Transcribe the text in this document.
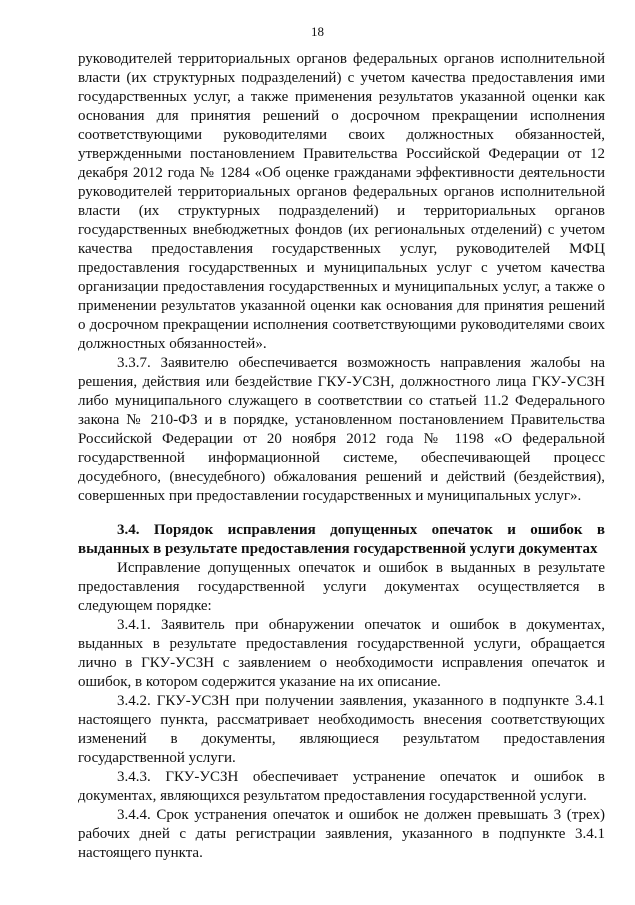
18

руководителей территориальных органов федеральных органов исполнительной власти (их структурных подразделений) с учетом качества предоставления ими государственных услуг, а также применения результатов указанной оценки как основания для принятия решений о досрочном прекращении исполнения соответствующими руководителями своих должностных обязанностей, утвержденными постановлением Правительства Российской Федерации от 12 декабря 2012 года № 1284 «Об оценке гражданами эффективности деятельности руководителей территориальных органов федеральных органов исполнительной власти (их структурных подразделений) и территориальных органов государственных внебюджетных фондов (их региональных отделений) с учетом качества предоставления государственных услуг, руководителей МФЦ предоставления государственных и муниципальных услуг с учетом качества организации предоставления государственных и муниципальных услуг, а также о применении результатов указанной оценки как основания для принятия решений о досрочном прекращении исполнения соответствующими руководителями своих должностных обязанностей».

3.3.7. Заявителю обеспечивается возможность направления жалобы на решения, действия или бездействие ГКУ-УСЗН, должностного лица ГКУ-УСЗН либо муниципального служащего в соответствии со статьей 11.2 Федерального закона № 210-ФЗ и в порядке, установленном постановлением Правительства Российской Федерации от 20 ноября 2012 года № 1198 «О федеральной государственной информационной системе, обеспечивающей процесс досудебного, (внесудебного) обжалования решений и действий (бездействия), совершенных при предоставлении государственных и муниципальных услуг».

3.4. Порядок исправления допущенных опечаток и ошибок в выданных в результате предоставления государственной услуги документах

Исправление допущенных опечаток и ошибок в выданных в результате предоставления государственной услуги документах осуществляется в следующем порядке:

3.4.1. Заявитель при обнаружении опечаток и ошибок в документах, выданных в результате предоставления государственной услуги, обращается лично в ГКУ-УСЗН с заявлением о необходимости исправления опечаток и ошибок, в котором содержится указание на их описание.

3.4.2. ГКУ-УСЗН при получении заявления, указанного в подпункте 3.4.1 настоящего пункта, рассматривает необходимость внесения соответствующих изменений в документы, являющиеся результатом предоставления государственной услуги.

3.4.3. ГКУ-УСЗН обеспечивает устранение опечаток и ошибок в документах, являющихся результатом предоставления государственной услуги.

3.4.4. Срок устранения опечаток и ошибок не должен превышать 3 (трех) рабочих дней с даты регистрации заявления, указанного в подпункте 3.4.1 настоящего пункта.
